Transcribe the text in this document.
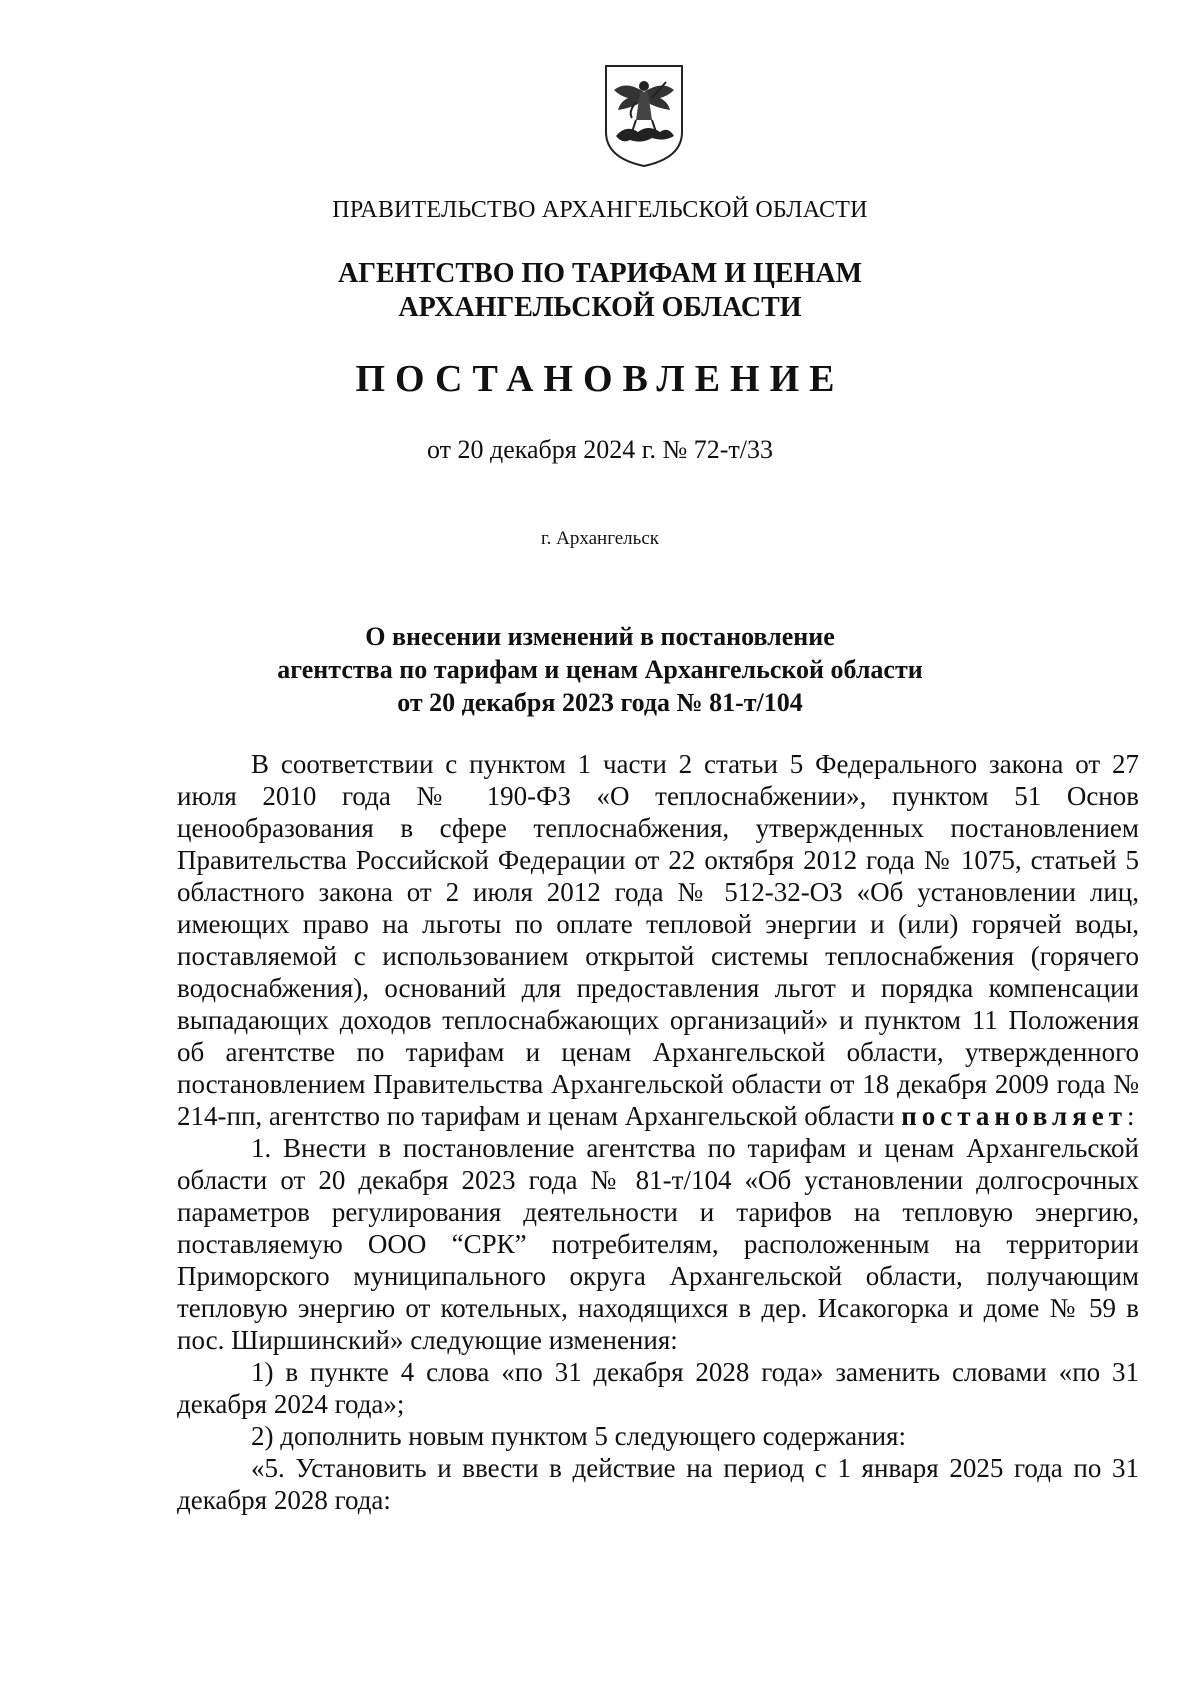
ПРАВИТЕЛЬСТВО АРХАНГЕЛЬСКОЙ ОБЛАСТИ
АГЕНТСТВО ПО ТАРИФАМ И ЦЕНАМ
АРХАНГЕЛЬСКОЙ ОБЛАСТИ
ПОСТАНОВЛЕНИЕ
от 20 декабря 2024 г. № 72-т/33
г. Архангельск
О внесении изменений в постановление
агентства по тарифам и ценам Архангельской области
от 20 декабря 2023 года № 81-т/104

В соответствии с пунктом 1 части 2 статьи 5 Федерального закона от 27 июля 2010 года № 190-ФЗ «О теплоснабжении», пунктом 51 Основ ценообразования в сфере теплоснабжения, утвержденных постановлением Правительства Российской Федерации от 22 октября 2012 года № 1075, статьей 5 областного закона от 2 июля 2012 года № 512-32-ОЗ «Об установлении лиц, имеющих право на льготы по оплате тепловой энергии и (или) горячей воды, поставляемой с использованием открытой системы теплоснабжения (горячего водоснабжения), оснований для предоставления льгот и порядка компенсации выпадающих доходов теплоснабжающих организаций» и пунктом 11 Положения об агентстве по тарифам и ценам Архангельской области, утвержденного постановлением Правительства Архангельской области от 18 декабря 2009 года № 214-пп, агентство по тарифам и ценам Архангельской области постановляет:

1. Внести в постановление агентства по тарифам и ценам Архангельской области от 20 декабря 2023 года № 81-т/104 «Об установлении долгосрочных параметров регулирования деятельности и тарифов на тепловую энергию, поставляемую ООО “СРК” потребителям, расположенным на территории Приморского муниципального округа Архангельской области, получающим тепловую энергию от котельных, находящихся в дер. Исакогорка и доме № 59 в пос. Ширшинский» следующие изменения:

1) в пункте 4 слова «по 31 декабря 2028 года» заменить словами «по 31 декабря 2024 года»;

2) дополнить новым пунктом 5 следующего содержания:

«5. Установить и ввести в действие на период с 1 января 2025 года по 31 декабря 2028 года:
